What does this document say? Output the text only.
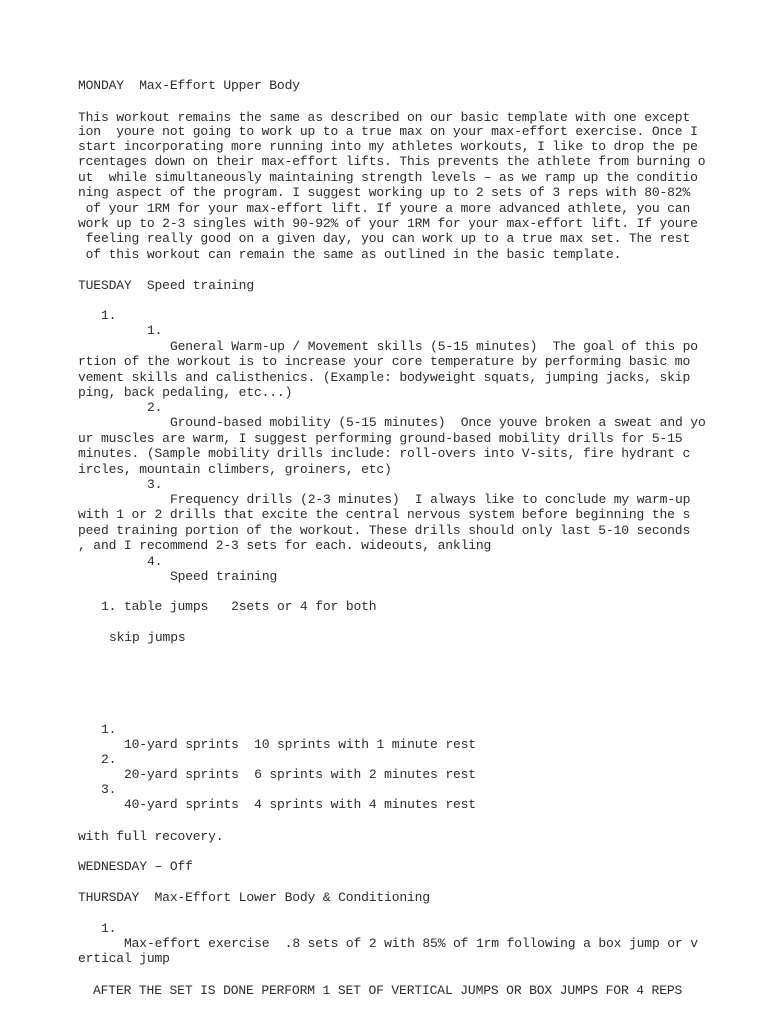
MONDAY  Max-Effort Upper Body
This workout remains the same as described on our basic template with one except
ion  youre not going to work up to a true max on your max-effort exercise. Once I
start incorporating more running into my athletes workouts, I like to drop the pe
rcentages down on their max-effort lifts. This prevents the athlete from burning o
ut  while simultaneously maintaining strength levels – as we ramp up the conditio
ning aspect of the program. I suggest working up to 2 sets of 3 reps with 80-82%
of your 1RM for your max-effort lift. If youre a more advanced athlete, you can
work up to 2-3 singles with 90-92% of your 1RM for your max-effort lift. If youre
feeling really good on a given day, you can work up to a true max set. The rest
of this workout can remain the same as outlined in the basic template.
TUESDAY  Speed training
1.
1.
General Warm-up / Movement skills (5-15 minutes)  The goal of this po
rtion of the workout is to increase your core temperature by performing basic mo
vement skills and calisthenics. (Example: bodyweight squats, jumping jacks, skip
ping, back pedaling, etc...)
2.
Ground-based mobility (5-15 minutes)  Once youve broken a sweat and yo
ur muscles are warm, I suggest performing ground-based mobility drills for 5-15
minutes. (Sample mobility drills include: roll-overs into V-sits, fire hydrant c
ircles, mountain climbers, groiners, etc)
3.
Frequency drills (2-3 minutes)  I always like to conclude my warm-up
with 1 or 2 drills that excite the central nervous system before beginning the s
peed training portion of the workout. These drills should only last 5-10 seconds
, and I recommend 2-3 sets for each. wideouts, ankling
4.
Speed training
1. table jumps   2sets or 4 for both
skip jumps
1.
10-yard sprints  10 sprints with 1 minute rest
2.
20-yard sprints  6 sprints with 2 minutes rest
3.
40-yard sprints  4 sprints with 4 minutes rest
with full recovery.
WEDNESDAY – Off
THURSDAY  Max-Effort Lower Body & Conditioning
1.
Max-effort exercise  .8 sets of 2 with 85% of 1rm following a box jump or v
ertical jump
AFTER THE SET IS DONE PERFORM 1 SET OF VERTICAL JUMPS OR BOX JUMPS FOR 4 REPS
